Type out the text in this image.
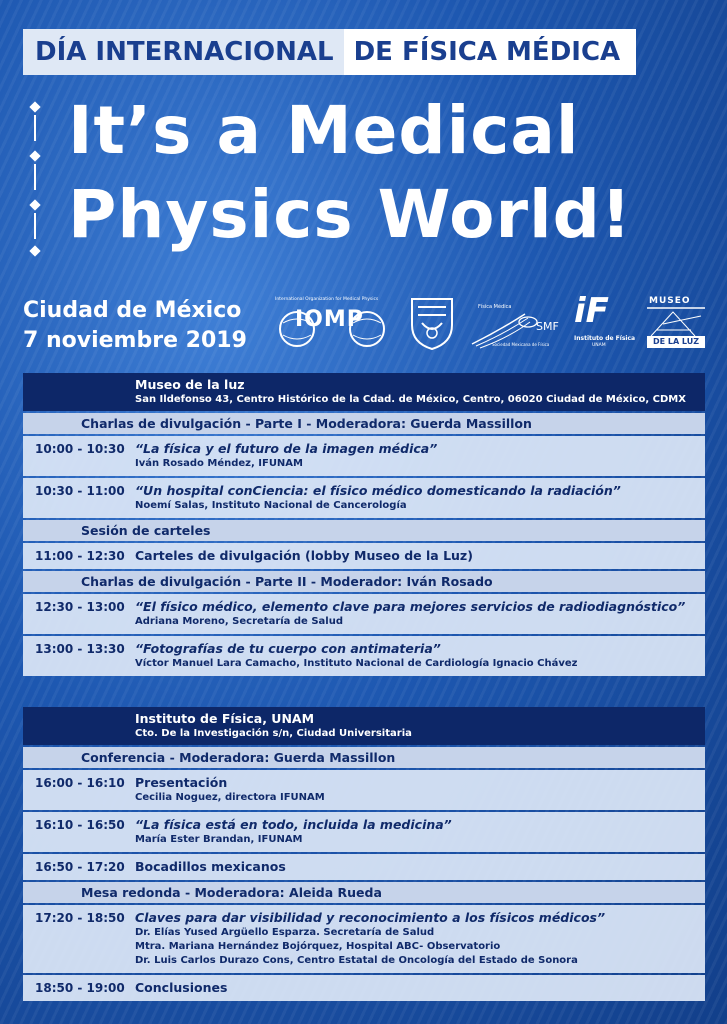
DÍA INTERNACIONAL DE FÍSICA MÉDICA
It’s a Medical
Physics World!
Ciudad de México
7 noviembre 2019
International Organization for Medical Physics
IOMP	Física Médica
SMF
Sociedad Mexicana de Física
iF
Instituto de Física
UNAM
MUSEO
DE LA LUZ
Museo de la luz
San Ildefonso 43, Centro Histórico de la Cdad. de México, Centro, 06020 Ciudad de México, CDMX
Charlas de divulgación - Parte I - Moderadora: Guerda Massillon
10:00 - 10:30 “La física y el futuro de la imagen médica”
Iván Rosado Méndez, IFUNAM
10:30 - 11:00 “Un hospital conCiencia: el físico médico domesticando la radiación”
Noemí Salas, Instituto Nacional de Cancerología
Sesión de carteles
11:00 - 12:30 Carteles de divulgación (lobby Museo de la Luz)
Charlas de divulgación - Parte II - Moderador: Iván Rosado
12:30 - 13:00 “El físico médico, elemento clave para mejores servicios de radiodiagnóstico”
Adriana Moreno, Secretaría de Salud
13:00 - 13:30 “Fotografías de tu cuerpo con antimateria”
Víctor Manuel Lara Camacho, Instituto Nacional de Cardiología Ignacio Chávez
Instituto de Física, UNAM
Cto. De la Investigación s/n, Ciudad Universitaria
Conferencia - Moderadora: Guerda Massillon
16:00 - 16:10 Presentación
Cecilia Noguez, directora IFUNAM
16:10 - 16:50 “La física está en todo, incluida la medicina”
María Ester Brandan, IFUNAM
16:50 - 17:20 Bocadillos mexicanos
Mesa redonda - Moderadora: Aleida Rueda
17:20 - 18:50 Claves para dar visibilidad y reconocimiento a los físicos médicos”
Dr. Elías Yused Argüello Esparza. Secretaría de Salud
Mtra. Mariana Hernández Bojórquez, Hospital ABC- Observatorio
Dr. Luis Carlos Durazo Cons, Centro Estatal de Oncología del Estado de Sonora
18:50 - 19:00 Conclusiones
